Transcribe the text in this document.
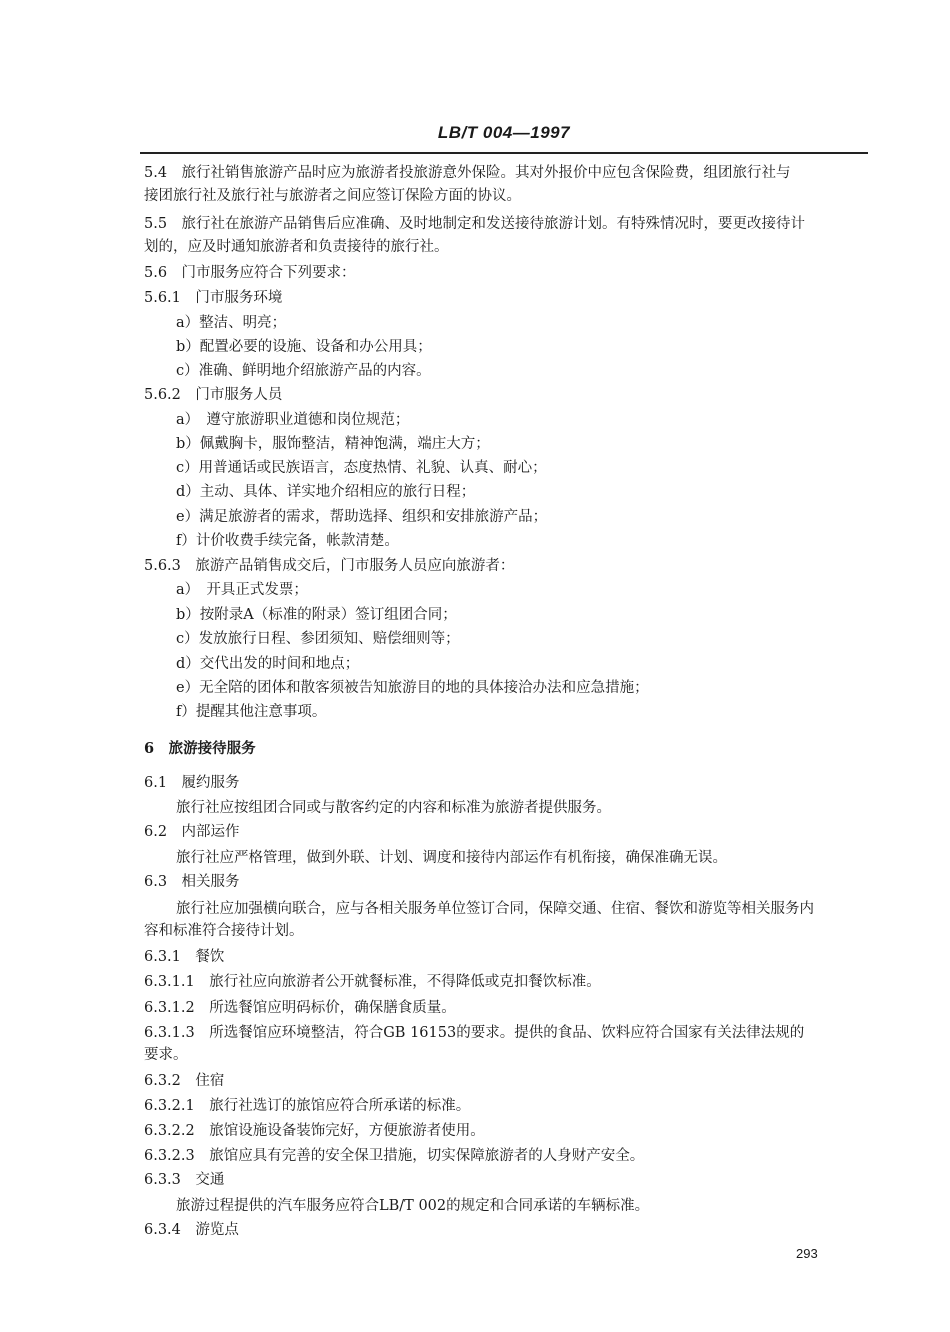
LB/T 004—1997
5.4　旅行社销售旅游产品时应为旅游者投旅游意外保险。其对外报价中应包含保险费，组团旅行社与
接团旅行社及旅行社与旅游者之间应签订保险方面的协议。
5.5　旅行社在旅游产品销售后应准确、及时地制定和发送接待旅游计划。有特殊情况时，要更改接待计
划的，应及时通知旅游者和负责接待的旅行社。
5.6　门市服务应符合下列要求：
5.6.1　门市服务环境
a）整洁、明亮；
b）配置必要的设施、设备和办公用具；
c）准确、鲜明地介绍旅游产品的内容。
5.6.2　门市服务人员
a）　遵守旅游职业道德和岗位规范；
b）佩戴胸卡，服饰整洁，精神饱满，端庄大方；
c）用普通话或民族语言，态度热情、礼貌、认真、耐心；
d）主动、具体、详实地介绍相应的旅行日程；
e）满足旅游者的需求，帮助选择、组织和安排旅游产品；
f）计价收费手续完备，帐款清楚。
5.6.3　旅游产品销售成交后，门市服务人员应向旅游者：
a）　开具正式发票；
b）按附录A（标准的附录）签订组团合同；
c）发放旅行日程、参团须知、赔偿细则等；
d）交代出发的时间和地点；
e）无全陪的团体和散客须被告知旅游目的地的具体接洽办法和应急措施；
f）提醒其他注意事项。
6　旅游接待服务
6.1　履约服务
旅行社应按组团合同或与散客约定的内容和标准为旅游者提供服务。
6.2　内部运作
旅行社应严格管理，做到外联、计划、调度和接待内部运作有机衔接，确保准确无误。
6.3　相关服务
旅行社应加强横向联合，应与各相关服务单位签订合同，保障交通、住宿、餐饮和游览等相关服务内
容和标准符合接待计划。
6.3.1　餐饮
6.3.1.1　旅行社应向旅游者公开就餐标准，不得降低或克扣餐饮标准。
6.3.1.2　所选餐馆应明码标价，确保膳食质量。
6.3.1.3　所选餐馆应环境整洁，符合GB 16153的要求。提供的食品、饮料应符合国家有关法律法规的
要求。
6.3.2　住宿
6.3.2.1　旅行社选订的旅馆应符合所承诺的标准。
6.3.2.2　旅馆设施设备装饰完好，方便旅游者使用。
6.3.2.3　旅馆应具有完善的安全保卫措施，切实保障旅游者的人身财产安全。
6.3.3　交通
旅游过程提供的汽车服务应符合LB/T 002的规定和合同承诺的车辆标准。
6.3.4　游览点
293
